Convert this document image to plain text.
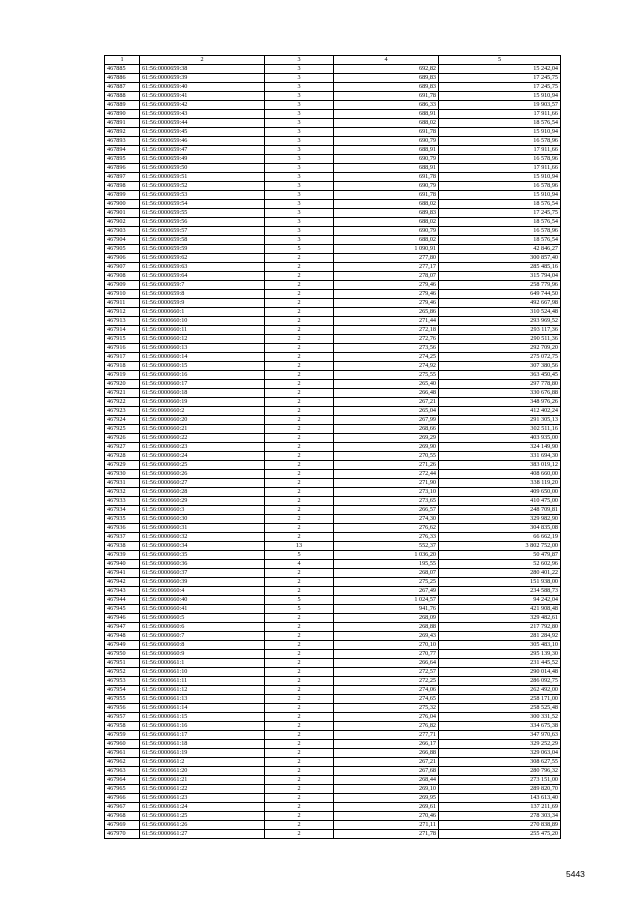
1	2	3	4	5
467885	61:56:0000659:38	3	692,82	15 242,04
467886	61:56:0000659:39	3	689,83	17 245,75
467887	61:56:0000659:40	3	689,83	17 245,75
467888	61:56:0000659:41	3	691,78	15 910,94
467889	61:56:0000659:42	3	686,33	19 903,57
467890	61:56:0000659:43	3	688,91	17 911,66
467891	61:56:0000659:44	3	688,02	18 576,54
467892	61:56:0000659:45	3	691,78	15 910,94
467893	61:56:0000659:46	3	690,79	16 578,96
467894	61:56:0000659:47	3	688,91	17 911,66
467895	61:56:0000659:49	3	690,79	16 578,96
467896	61:56:0000659:50	3	688,91	17 911,66
467897	61:56:0000659:51	3	691,78	15 910,94
467898	61:56:0000659:52	3	690,79	16 578,96
467899	61:56:0000659:53	3	691,78	15 910,94
467900	61:56:0000659:54	3	688,02	18 576,54
467901	61:56:0000659:55	3	689,83	17 245,75
467902	61:56:0000659:56	3	688,02	18 576,54
467903	61:56:0000659:57	3	690,79	16 578,96
467904	61:56:0000659:58	3	688,02	18 576,54
467905	61:56:0000659:59	5	1 090,91	42 846,27
467906	61:56:0000659:62	2	277,80	300 857,40
467907	61:56:0000659:63	2	277,17	285 485,16
467908	61:56:0000659:64	2	278,07	315 794,04
467909	61:56:0000659:7	2	279,46	258 779,96
467910	61:56:0000659:8	2	279,46	649 744,50
467911	61:56:0000659:9	2	279,46	492 667,98
467912	61:56:0000660:1	2	265,86	310 524,48
467913	61:56:0000660:10	2	271,44	293 969,52
467914	61:56:0000660:11	2	272,18	293 117,36
467915	61:56:0000660:12	2	272,76	290 511,36
467916	61:56:0000660:13	2	273,56	292 709,20
467917	61:56:0000660:14	2	274,25	275 072,75
467918	61:56:0000660:15	2	274,92	307 380,56
467919	61:56:0000660:16	2	275,55	363 450,45
467920	61:56:0000660:17	2	265,40	297 778,80
467921	61:56:0000660:18	2	266,48	330 676,88
467922	61:56:0000660:19	2	267,21	348 976,26
467923	61:56:0000660:2	2	265,04	412 402,24
467924	61:56:0000660:20	2	267,99	291 305,13
467925	61:56:0000660:21	2	268,66	302 511,16
467926	61:56:0000660:22	2	269,29	403 935,00
467927	61:56:0000660:23	2	269,90	324 149,90
467928	61:56:0000660:24	2	270,55	331 694,30
467929	61:56:0000660:25	2	271,26	383 019,12
467930	61:56:0000660:26	2	272,44	408 660,00
467931	61:56:0000660:27	2	271,90	338 119,20
467932	61:56:0000660:28	2	273,10	409 650,00
467933	61:56:0000660:29	2	273,65	410 475,00
467934	61:56:0000660:3	2	266,57	248 709,81
467935	61:56:0000660:30	2	274,30	329 982,90
467936	61:56:0000660:31	2	276,62	304 835,08
467937	61:56:0000660:32	2	276,33	66 662,19
467938	61:56:0000660:34	13	552,37	3 802 752,00
467939	61:56:0000660:35	5	1 036,20	50 479,87
467940	61:56:0000660:36	4	195,55	52 602,96
467941	61:56:0000660:37	2	268,07	280 401,22
467942	61:56:0000660:39	2	275,25	151 938,00
467943	61:56:0000660:4	2	267,49	234 588,73
467944	61:56:0000660:40	5	1 024,57	94 242,04
467945	61:56:0000660:41	5	941,76	421 908,48
467946	61:56:0000660:5	2	268,09	329 482,61
467947	61:56:0000660:6	2	268,88	217 792,80
467948	61:56:0000660:7	2	269,43	281 284,92
467949	61:56:0000660:8	2	270,10	305 483,10
467950	61:56:0000660:9	2	270,77	295 139,30
467951	61:56:0000661:1	2	266,64	231 445,52
467952	61:56:0000661:10	2	272,57	290 014,48
467953	61:56:0000661:11	2	272,25	286 092,75
467954	61:56:0000661:12	2	274,06	262 492,00
467955	61:56:0000661:13	2	274,65	258 171,00
467956	61:56:0000661:14	2	275,32	258 525,48
467957	61:56:0000661:15	2	276,04	300 331,52
467958	61:56:0000661:16	2	276,82	334 675,38
467959	61:56:0000661:17	2	277,71	347 970,63
467960	61:56:0000661:18	2	266,17	329 252,29
467961	61:56:0000661:19	2	266,88	329 063,04
467962	61:56:0000661:2	2	267,21	308 627,55
467963	61:56:0000661:20	2	267,68	280 796,32
467964	61:56:0000661:21	2	268,44	273 151,00
467965	61:56:0000661:22	2	269,10	289 820,70
467966	61:56:0000661:23	2	269,95	143 613,40
467967	61:56:0000661:24	2	269,61	137 211,69
467968	61:56:0000661:25	2	270,46	278 303,34
467969	61:56:0000661:26	2	271,11	270 838,89
467970	61:56:0000661:27	2	271,78	255 475,20
5443
